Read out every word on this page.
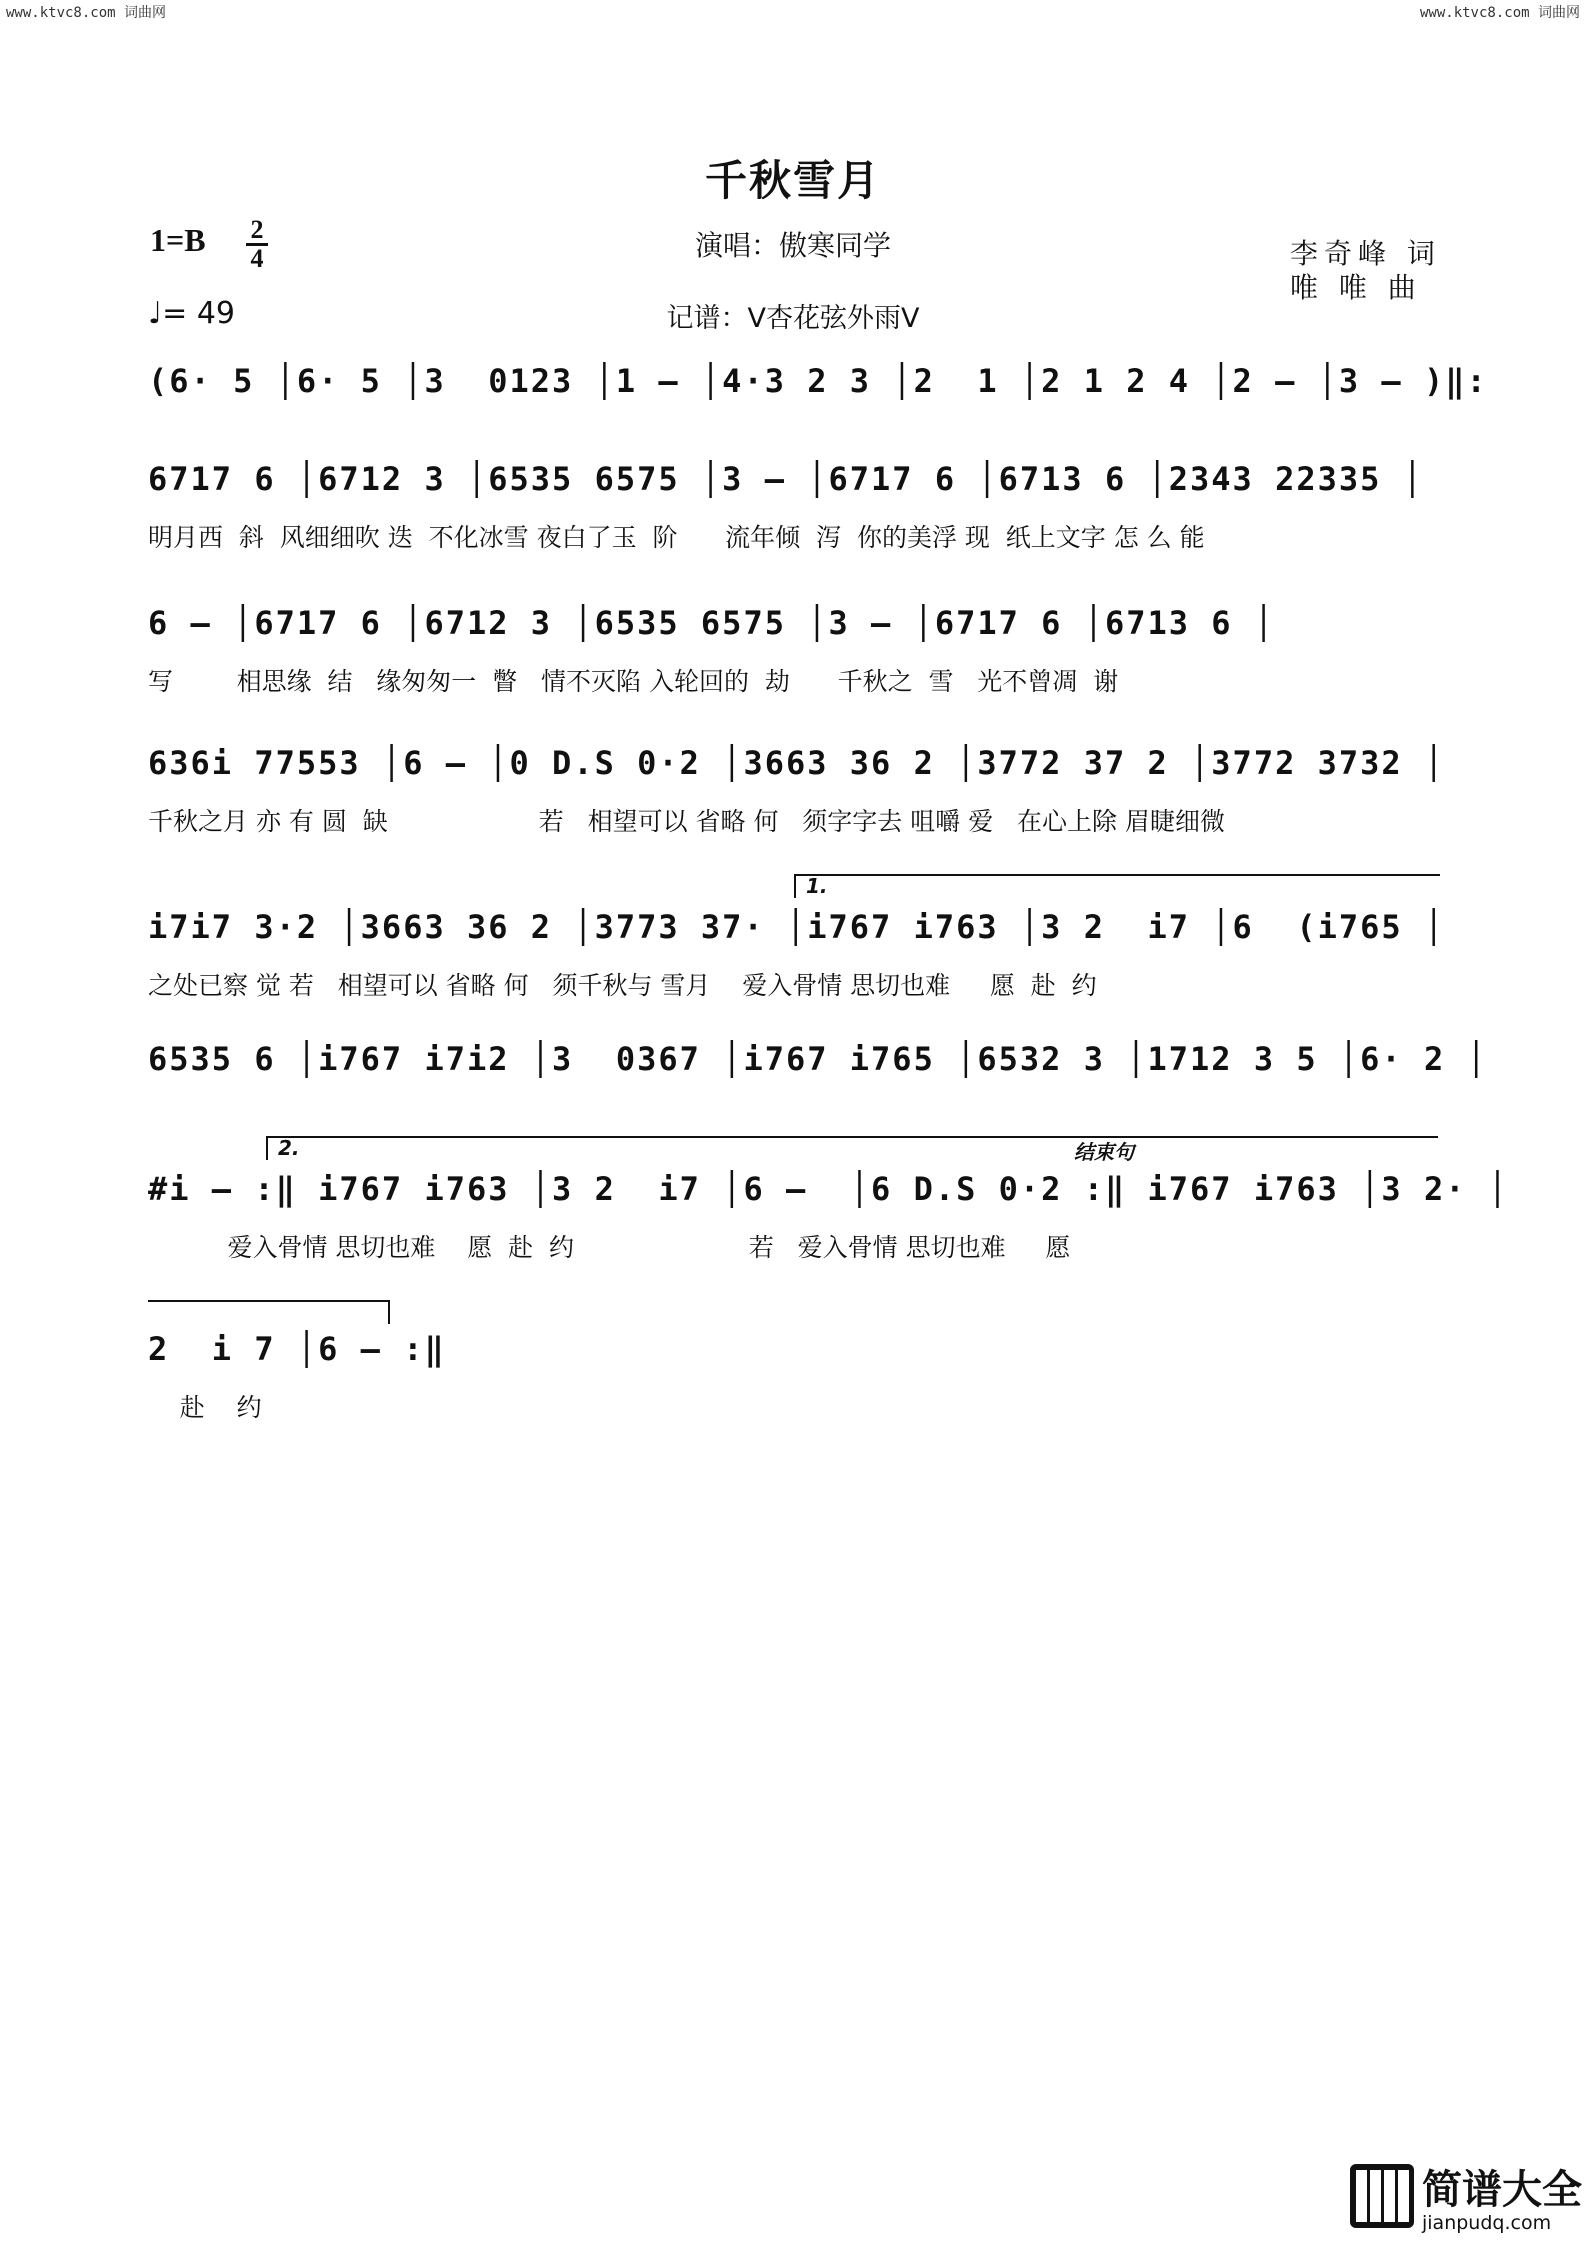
www.ktvc8.com 词曲网	www.ktvc8.com 词曲网
千秋雪月
1=B 2
4
♩= 49
演唱：傲寒同学
记谱：V杏花弦外雨V
李奇峰 词
唯 唯 曲
(6· 5 │6· 5 │3  0123 │1 – │4·3 2 3 │2  1 │2 1 2 4 │2 – │3 – )‖:
6717 6 │6712 3 │6535 6575 │3 – │6717 6 │6713 6 │2343 22335 │
明月西  斜  风细细吹 迭  不化冰雪 夜白了玉  阶      流年倾  泻  你的美浮 现  纸上文字 怎 么 能
6 – │6717 6 │6712 3 │6535 6575 │3 – │6717 6 │6713 6 │
写        相思缘  结   缘匆匆一  瞥   情不灭陷 入轮回的  劫      千秋之  雪   光不曾凋  谢
636i 77553 │6 – │0 D.S 0·2 │3663 36 2 │3772 37 2 │3772 3732 │
千秋之月 亦 有 圆  缺                   若   相望可以 省略 何   须字字去 咀嚼 爱   在心上除 眉睫细微
1.
i7i7 3·2 │3663 36 2 │3773 37· │i767 i763 │3 2  i7 │6  (i765 │
之处已察 觉 若   相望可以 省略 何   须千秋与 雪月    爱入骨情 思切也难     愿  赴  约
6535 6 │i767 i7i2 │3  0367 │i767 i765 │6532 3 │1712 3 5 │6· 2 │
2.	结束句
#i – :‖ i767 i763 │3 2  i7 │6 –  │6 D.S 0·2 :‖ i767 i763 │3 2· │
爱入骨情 思切也难    愿  赴  约                      若   爱入骨情 思切也难     愿
2  i 7 │6 – :‖
赴    约
简谱大全
jianpudq.com
